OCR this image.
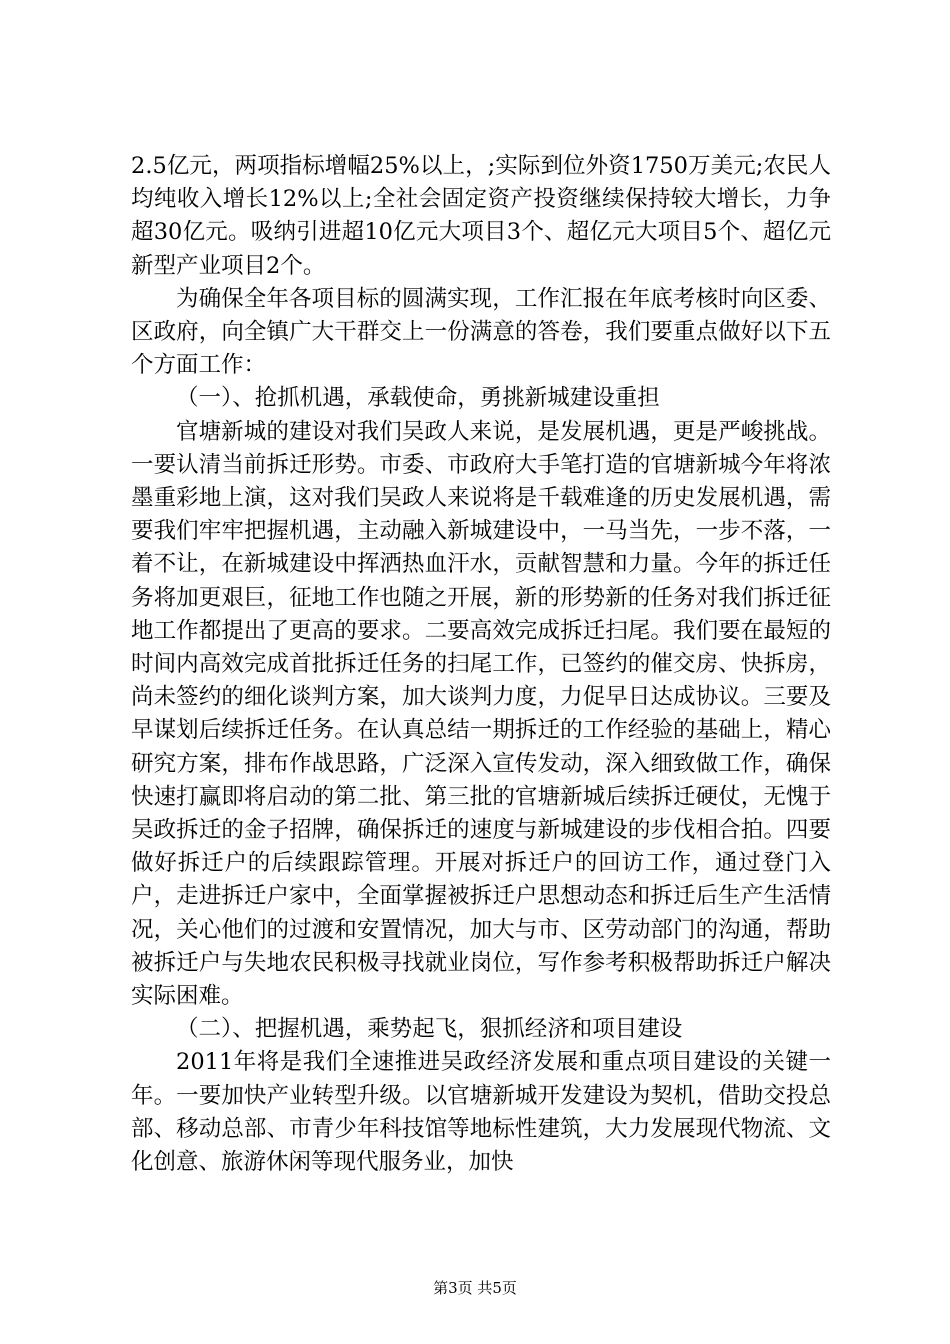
2.5亿元，两项指标增幅25%以上，;实际到位外资1750万美元;农民人均纯收入增长12%以上;全社会固定资产投资继续保持较大增长，力争超30亿元。吸纳引进超10亿元大项目3个、超亿元大项目5个、超亿元新型产业项目2个。

为确保全年各项目标的圆满实现，工作汇报在年底考核时向区委、区政府，向全镇广大干群交上一份满意的答卷，我们要重点做好以下五个方面工作：

（一）、抢抓机遇，承载使命，勇挑新城建设重担

官塘新城的建设对我们吴政人来说，是发展机遇，更是严峻挑战。一要认清当前拆迁形势。市委、市政府大手笔打造的官塘新城今年将浓墨重彩地上演，这对我们吴政人来说将是千载难逢的历史发展机遇，需要我们牢牢把握机遇，主动融入新城建设中，一马当先，一步不落，一着不让，在新城建设中挥洒热血汗水，贡献智慧和力量。今年的拆迁任务将加更艰巨，征地工作也随之开展，新的形势新的任务对我们拆迁征地工作都提出了更高的要求。二要高效完成拆迁扫尾。我们要在最短的时间内高效完成首批拆迁任务的扫尾工作，已签约的催交房、快拆房，尚未签约的细化谈判方案，加大谈判力度，力促早日达成协议。三要及早谋划后续拆迁任务。在认真总结一期拆迁的工作经验的基础上，精心研究方案，排布作战思路，广泛深入宣传发动，深入细致做工作，确保快速打赢即将启动的第二批、第三批的官塘新城后续拆迁硬仗，无愧于吴政拆迁的金子招牌，确保拆迁的速度与新城建设的步伐相合拍。四要做好拆迁户的后续跟踪管理。开展对拆迁户的回访工作，通过登门入户，走进拆迁户家中，全面掌握被拆迁户思想动态和拆迁后生产生活情况，关心他们的过渡和安置情况，加大与市、区劳动部门的沟通，帮助被拆迁户与失地农民积极寻找就业岗位，写作参考积极帮助拆迁户解决实际困难。

（二）、把握机遇，乘势起飞，狠抓经济和项目建设

2011年将是我们全速推进吴政经济发展和重点项目建设的关键一年。一要加快产业转型升级。以官塘新城开发建设为契机，借助交投总部、移动总部、市青少年科技馆等地标性建筑，大力发展现代物流、文化创意、旅游休闲等现代服务业，加快

第3页 共5页
